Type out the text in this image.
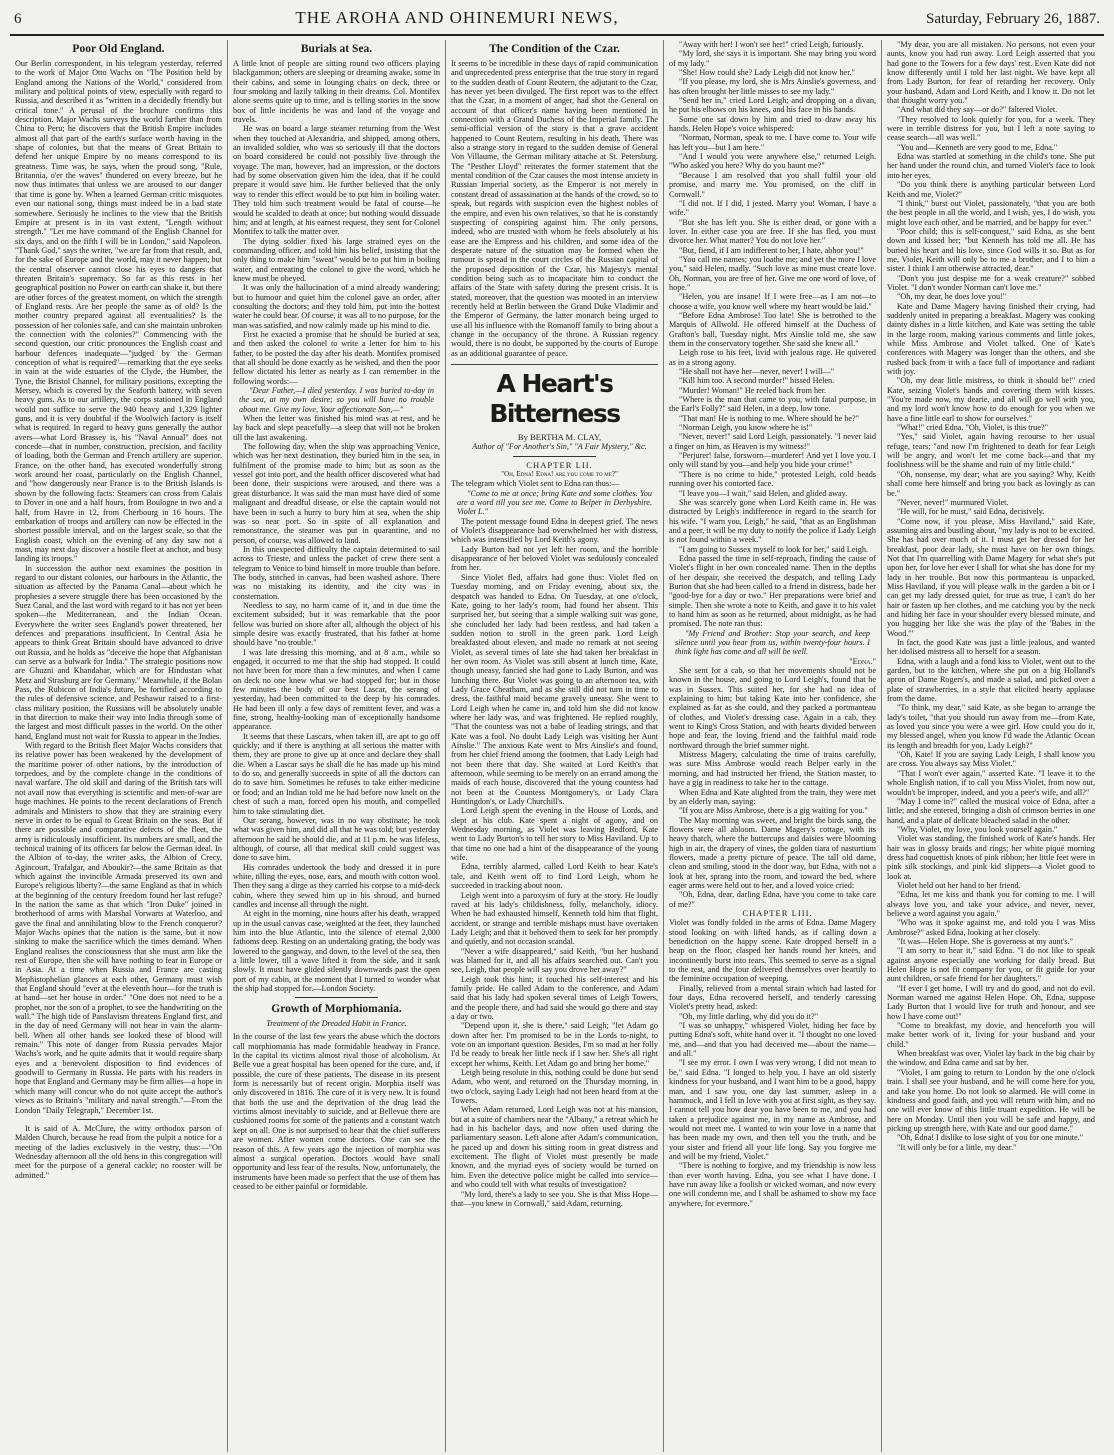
6	THE AROHA AND OHINEMURI NEWS,	Saturday, February 26, 1887.
Poor Old England.

Our Berlin correspondent, in his telegram yesterday, referred to the work of Major Otto Wachs on "The Position held by England among the Nations of the World," considered from military and political points of view, especially with regard to Russia, and described it as "written in a decidedly friendly but critical tone." A perusal of the brochure confirms this description. Major Wachs surveys the world farther than from China to Peru; he discovers that the British Empire includes almost all that part of the earth's surface worth having in the shape of colonies, but that the means of Great Britain to defend her unique Empire by no means correspond to its greatness. Time was, he says, when the proud song, "Rule, Britannia, o'er the waves" thundered on every breeze, but he now thus intimates that unless we are aroused to our danger that time is gone by. When a learned German critic misquotes even our national song, things must indeed be in a bad state somewhere. Seriously he inclines to the view that the British Empire at present is in its vast extent, "Length without strength." "Let me have command of the English Channel for six days, and on the fifth I will be in London," said Napoleon. "Thank God," says the writer, "we are far from that result, and, for the sake of Europe and the world, may it never happen; but the central observer cannot close his eyes to dangers that threaten Britain's supremacy. So far as this rests in her geographical position no Power on earth can shake it, but there are other forces of the greatest moment, on which the strength of England rests. Are her people the same as of old? Is the mother country prepared against all eventualities? Is the possession of her colonies safe, and can she maintain unbroken the connection with the colonies?" Commencing with the second question, our critic pronounces the English coast and harbour defences inadequate—"judged by the German conception of what is required"—remarking that the eye seeks in vain at the wide estuaries of the Clyde, the Humber, the Tyne, the Bristol Channel, for military positions, excepting the Mersey, which is covered by the Seaforth battery, with seven heavy guns. As to our artillery, the corps stationed in England would not suffice to serve the 940 heavy and 1,329 lighter guns, and it is very doubtful if the Woolwich factory is itself what is required. In regard to heavy guns generally the author avers—what Lord Brassey is, his "Naval Annual" does not concede—that in number, construction, precision, and facility of loading, both the German and French artillery are superior. France, on the other hand, has executed wonderfully strong work around her coast, particularly on the English Channel, and "how dangerously near France is to the British Islands is shown by the following facts: Steamers can cross from Calais to Dover in one and a half hours, from Boulogne in two and a half, from Havre in 12, from Cherbourg in 16 hours. The embarkation of troops and artillery can now be effected in the shortest possible interval, and on the largest scale, so that the English coast, which on the evening of any day saw not a mast, may next day discover a hostile fleet at anchor, and busy landing its troops."

In succession the author next examines the position in regard to our distant colonies, our harbours in the Atlantic, the situation as affected by the Panama Canal—about which he prophesies a severe struggle there has been occasioned by the Suez Canal, and the last word with regard to it has not yet been spoken—the Mediterranean, and the Indian Ocean. Everywhere the writer sees England's power threatened, her defences and preparations insufficient. In Central Asia he appears to think Great Britain should have advanced to drive out Russia, and he holds as "deceive the hope that Afghanistan can serve as a bulwark for India." The strategic positions now are Ghuzni and Khandahar, which are for Hindustan what Metz and Strasburg are for Germany." Meanwhile, if the Bolan Pass, the Rubicon of India's future, be fortified according to the rules of defensive science, and Peshawur raised to a first-class military position, the Russians will be absolutely unable in that direction to make their way into India through some of the largest and most difficult passes in the world. On the other hand, England must not wait for Russia to appear in the Indies.

With regard to the British fleet Major Wachs considers that its relative power has been weakened by the development of the maritime power of other nations, by the introduction of torpedoes, and by the complete change in the conditions of naval warfare. The old skill and daring of the British tars will not avail now that everything is scientific and men-of-war are huge machines. He points to the recent declarations of French admirals and Ministers to show that they are straining every nerve in order to be equal to Great Britain on the seas. But if there are possible and comparative defects of the fleet, the army is ridiculously insufficient. Its numbers are small, and the technical training of its officers far below the German ideal. In the Albion of to-day, the writer asks, the Albion of Crecy, Agincourt, Trafalgar, and Aboukir?—the same Britain as that which against the invincible Armada preserved its own and Europe's religious liberty?—the same England as that in which at the beginning of the century freedom found her last refuge? In the nation the same as that which "Iron Duke" joined in brotherhood of arms with Marshal Vorwarts at Waterloo, and gave the final and annihilating blow to the French conqueror? Major Wachs opines that the nation is the same, but it now sinking to make the sacrifice which the times demand. When England realises the consciousness that she must arm like the rest of Europe, then she will have nothing to fear in Europe or in Asia. At a time when Russia and France are casting Mephistophelian glances at each other, Germany must wish that England should "ever at the eleventh hour—for the truth is at hand—set her house in order." "One does not need to be a prophet, nor the son of a prophet, to see the handwriting on the wall." The high tide of Panslavism threatens England first, and in the day of need Germany will not hear in vain the alarm-bell. When all other hands see looked these of blood will remain." This note of danger from Russia pervades Major Wachs's work, and he quite admits that it would require sharp eyes and a benevolent disposition to find evidences of goodwill to Germany in Russia. He parts with his readers in hope that England and Germany may be firm allies—a hope in which many will concur who do not quite accept the author's views as to Britain's "military and naval strength."—From the London "Daily Telegraph," December 1st.

It is said of A. McClure, the witty orthodox parson of Malden Church, because he read from the pulpit a notice for a meeting of the ladies exclusively in the vestry, thus:—"On Wednesday afternoon all the old hens in this congregation will meet for the purpose of a general cackle; no rooster will be admitted."

Burials at Sea.

A little knot of people are sitting round two officers playing blackgammon; others are sleeping or dreaming awake, some in their cabins, and some in lounging chairs on deck, three or four smoking and lazily talking in their dreams. Col. Montifex alone seems quite up to time, and is telling stories in the snow box of little incidents he was and land of the voyage and travels.

He was on board a large steamer returning from the West when they touched at Alexandria, and shipped, among others, an invalided soldier, who was so seriously ill that the doctors on board considered he could not possibly live through the voyage. The man, however, had an impression, or the doctors had by some observation given him the idea, that if he could prepare it would save him. He further believed that the only way to render this effect would be to put him in boiling water. They told him such treatment would be fatal of course—he would be scalded to death at once; but nothing would dissuade him; and at length, at his earnest request, they sent for Colonel Montifex to talk the matter over.

The dying soldier fixed his large strained eyes on the commanding officer, and told him his belief, insisting that the only thing to make him "sweat" would be to put him in boiling water, and entreating the colonel to give the word, which he knew must be obeyed.

It was only the hallucination of a mind already wandering; but to humour and quiet him the colonel gave an order, after consulting the doctors; and they told him, put into the hottest water he could bear. Of course, it was all to no purpose, for the man was satisfied, and now calmly made up his mind to die.

First he exacted a promise that he should be buried at sea, and then asked the colonel to write a letter for him to his father, to be posted the day after his death. Montifex promised that all should be done exactly as he wished, and then the poor fellow dictated his letter as nearly as I can remember in the following words:—

"Dear Father,—I died yesterday. I was buried to-day in the sea, at my own desire; so you will have no trouble about me. Give my love, Your affectionate Son,—"

When the letter was finished his mind was at rest, and he lay back and slept peacefully—a sleep that will not be broken till the last awakening.

The following day, when the ship was approaching Venice, which was her next destination, they buried him in the sea, in fulfilment of the promise made to him; but as soon as the vessel got into port, and the health officer discovered what had been done, their suspicions were aroused, and there was a great disturbance. It was said the man must have died of some malignant and dreadful disease, or else the captain would not have been in such a hurry to bury him at sea, when the ship was so near port. So in spite of all explanation and remonstrance, the steamer was put in quarantine, and no person, of course, was allowed to land.

In this unexpected difficulty the captain determined to sail across to Trieste, and unless the packet of crew there sent a telegram to Venice to bind himself in more trouble than before. The body, stitched in canvas, had been washed ashore. There was no mistaking its identity, and the city was in consternation.

Needless to say, no harm came of it, and in due time the excitement subsided; but it was remarkable that the poor fellow was buried on shore after all, although the object of his simple desire was exactly frustrated, that his father at home should have "no trouble."

I was late dressing this morning, and at 8 a.m., while so engaged, it occurred to me that the ship had stopped. It could not have been for more than a few minutes, and when I came on deck no one knew what we had stopped for; but in those few minutes the body of our best Lascar, the serang of yesterday, had been committed to the deep by his comrades. He had been ill only a few days of remittent fever, and was a fine, strong, healthy-looking man of exceptionally handsome appearance.

It seems that these Lascars, when taken ill, are apt to go off quickly; and if there is anything at all serious the matter with them, they are prone to give up at once and declare they shall die. When a Lascar says he shall die he has made up his mind to do so, and generally succeeds in spite of all the doctors can do to save him. Sometimes he refuses to take either medicine or food; and an Indian told me he had before now knelt on the chest of such a man, forced open his mouth, and compelled him to take stimulating diet.

Our serang, however, was in no way obstinate; he took what was given him, and did all that he was told; but yesterday afternoon he said he should die, and at 11 p.m. he was lifeless, although, of course, all that medical skill could suggest was done to save him.

His comrades undertook the body and dressed it in pure white, tilling the eyes, nose, ears, and mouth with cotton wool. Then they sang a dirge as they carried his corpse to a mid-deck cabin, where they sewed him up in his shroud, and burned candles and incense all through the night.

At eight in the morning, nine hours after his death, wrapped up in the usual canvas case, weighted at the feet, they launched him into the blue Atlantic, into the silence of eternal 2,000 fathoms deep. Resting on an undertaking grating, the body was lowered to the gangway, and down, to the level of the sea, then a little lower, till a wave lifted it from the side, and it sank slowly. It must have glided silently downwards past the open port of my cabin, at the moment that I turned to wonder what the ship had stopped for.—London Society.

Growth of Morphiomania.
Treatment of the Dreaded Habit in France.

In the course of the last few years the abuse which the doctors call morphiomania has made formidable headway in France. In the capital its victims almost rival those of alcoholism. At Belle vue a great hospital has been opened for the cure, and, if possible, the cure of these patients. The disease in its present form is necessarily but of recent origin. Morphia itself was only discovered in 1816. The cure of it is very new. It is found that both the use and the deprivation of the drug lead the victims almost inevitably to suicide, and at Bellevue there are cushioned rooms for some of the patients and a constant watch kept on all. One is not surprised to hear that the chief sufferers are women. After women come doctors. One can see the reason of this. A few years ago the injection of morphia was almost a surgical operation. Doctors would have small opportunity and less fear of the results. Now, unfortunately, the instruments have been made so perfect that the use of them has ceased to be either painful or formidable.

The Condition of the Czar.

It seems to be incredible in these days of rapid communication and unprecedented press enterprise that the true story in regard to the sudden death of Count Reutern, the adjutant to the Czar, has never yet been divulged. The first report was to the effect that the Czar, in a moment of anger, had shot the General on account of that officer's name having been mentioned in connection with a Grand Duchess of the Imperial family. The semi-official version of the story is that a grave accident happened to Count Reutern, resulting in his death. There was also a strange story in regard to the sudden demise of General Von Villaume, the German military attache at St. Petersburg. The "Pesther Lloyd" reiterates the former statement that the mental condition of the Czar causes the most intense anxiety in Russian Imperial society, as the Emperor is not merely in constant dread of assassination at the hands of the crowd, so to speak, but regards with suspicion even the highest nobles of the empire, and even his own relatives, so that he is constantly suspecting of conspiring against him. The only persons, indeed, who are trusted with whom he feels absolutely at his ease are the Empress and his children, and some idea of the desperate nature of the situation may be formed when the rumour is spread in the court circles of the Russian capital of the proposed deposition of the Czar, his Majesty's mental condition being such as to incapacitate him to conduct the affairs of the State with safety during the present crisis. It is stated, moreover, that the question was mooted in an interview recently held at Berlin between the Grand Duke Vladimir and the Emperor of Germany, the latter monarch being urged to use all his influence with the Romanoff family to bring about a change in the occupancy of the throne. A Russian regency would, there is no doubt, be supported by the courts of Europe as an additional guarantee of peace.

A Heart's Bitterness

By BERTHA M. CLAY,

Author of "For Another's Sin," "A Fair Mystery," &c.

CHAPTER LII.

"Oh, Edna! Edna! are you come to me?"

The telegram which Violet sent to Edna ran thus:—

"Come to me at once; bring Kate and some clothes. You are a word till you see me. Come to Belper in Derbyshire. Violet L."

The potent message found Edna in deepest grief. The news of Violet's disappearance had overwhelmed her with distress, which was intensified by Lord Keith's agony.

Lady Burton had not yet left her room, and the horrible disappearance of her beloved Violet was sedulously concealed from her.

Since Violet fled, affairs had gone thus: Violet fled on Tuesday morning, and on Friday evening, about six, the despatch was handed to Edna. On Tuesday, at one o'clock, Kate, going to her lady's room, had found her absent. This surprised her, but seeing that a simple walking suit was gone, she concluded her lady had been restless, and had taken a sudden notion to stroll in the green park. Lord Leigh breakfasted about eleven, and made no remark at not seeing Violet, as several times of late she had taken her breakfast in her own room. As Violet was still absent at lunch time, Kate, though uneasy, fancied she had gone to Lady Burton, and was lunching there. But Violet was going to an afternoon tea, with Lady Grace Cheatham, and as she still did not turn in time to dress, the faithful maid became gravely uneasy. She went to Lord Leigh when he came in, and told him she did not know where her lady was, and was frightened. He replied roughly, "That the countess was not a babe of leading strings, and that Kate was a fool. No doubt Lady Leigh was visiting her Aunt Ainslie." The anxious Kate went to Mrs Ainslie's and found, from her chief friend among the footmen, that Lady Leigh had not been there that day. She waited at Lord Keith's that afternoon, while seeming to be merely on an errand among the maids of each house, discovered that the young countess had not been at the Countess Montgomery's, or Lady Clara Huntingdon's, or Lady Churchill's.

Lord Leigh spent the evening in the House of Lords, and slept at his club. Kate spent a night of agony, and on Wednesday morning, as Violet was leaving Bedford, Kate went to Lady Burton's to tell her story to Miss Haviland. Up to that time no one had a hint of the disappearance of the young wife.

Edna, terribly alarmed, called Lord Keith to hear Kate's tale, and Keith went off to find Lord Leigh, whom he succeeded in tracking about noon.

Leigh went into a paroxysm of fury at the story. He loudly raved at his lady's childishness, folly, melancholy, idiocy. When he had exhausted himself, Kenneth told him that flight, accident, or strange and terrible mishaps must have overtaken Lady Leigh; and that it behoved them to seek for her promptly and quietly, and not occasion scandal.

"Never a wife disappeared," said Keith, "but her husband was blamed for it, and all his affairs searched out. Can't you see, Leigh, that people will say you drove her away?"

Leigh took this hint; it touched his self-interest and his family pride. He called Adam to the conference, and Adam said that his lady had spoken several times of Leigh Towers, and the people there, and had said she would go there and stay a day or two.

"Depend upon it, she is there," said Leigh; "let Adam go down after her. I'm promised to be in the Lords to-night, to vote on an important question. Besides, I'm so mad at her folly I'd be ready to break her little neck if I saw her. She's all right except her whims, Keith. Let Adam go and bring her home."

Leigh being resolute in this, nothing could be done but send Adam, who went, and returned on the Thursday morning, in two o'clock, saying Lady Leigh had not been heard from at the Towers.

When Adam returned, Lord Leigh was not at his mansion, but at a suite of chambers near the "Albany," a retreat which he had in his bachelor days, and now often used during the parliamentary season. Left alone after Adam's communication, he paced up and down his sitting room in great distress and excitement. The flight of Violet must presently be made known, and the myriad eyes of society would be turned on him. Even the detective police might be called into service—and who could tell with what results of investigation?

"My lord, there's a lady to see you. She is that Miss Hope—that—you knew in Cornwall," said Adam, returning.

"Away with her! I won't see her!" cried Leigh, furiously.

"My lord, she says it is important. She may bring you word of my lady."

"She! How could she? Lady Leigh did not know her."

"If you please, my lord, she is Mrs Ainslie's governess, and has often brought her little misses to see my lady."

"Send her in," cried Lord Leigh; and dropping on a divan, he put his elbows on his knees, and his face in his hands.

Some one sat down by him and tried to draw away his hands. Helen Hope's voice whispered:

"Norman, Norman, speak to me. I have come to. Your wife has left you—but I am here."

"And I would you were anywhere else," returned Leigh. "Who asked you here? Why do you haunt me?"

"Because I am resolved that you shall fulfil your old promise, and marry me. You promised, on the cliff in Cornwall."

"I did not. If I did, I jested. Marry you! Woman, I have a wife."

"But she has left you. She is either dead, or gone with a lover. In either case you are free. If she has fled, you must divorce her. What matter? You do not love her."

"But, fiend, if I am indifferent to her, I hate, abhor you!"

"You call me names; you loathe me; and yet the more I love you," said Helen, madly. "Such love as mine must create love. Oh, Norman, you are free of her. Give me one word of love, of hope."

"Helen, you are insane! If I were free—as I am not—to choose a wife, you know well where my heart would be laid."

"Before Edna Ambrose! Too late! She is betrothed to the Marquis of Allwold. He offered himself at the Duchess of Grafton's ball, Tuesday night. Mrs Ainslie told me, she saw them in the conservatory together. She said she knew all."

Leigh rose to his feet, livid with jealous rage. He quivered as in a strong agony.

"He shall not have her—never, never! I will—"

"Kill him too. A second murder!" hissed Helen.

"Murder! Woman!" He reeled back from her.

"Where is the man that came to you, with fatal purpose, in the Earl's Folly?" said Helen, in a deep, low tone.

"That man! He is nothing to me. Where should he be?"

"Norman Leigh, you know where he is!"

"Never, never!" said Lord Leigh, passionately. "I never laid a finger on him, as Heaven is my witness!"

"Perjurer! false, forsworn—murderer! And yet I love you. I only will stand by you—and help you hide your crime!"

"There is no crime to hide," protested Leigh, cold beads running over his contorted face.

"I leave you—I wait," said Helen, and glided away.

She was scarcely gone when Lord Keith came in. He was distracted by Leigh's indifference in regard to the search for his wife. "I warn you, Leigh," he said, "that as an Englishman and a peer, it will be my duty to notify the police if Lady Leigh is not found within a week."

"I am going to Sussex myself to look for her," said Leigh.

Edna passed the time in self-reproach, finding the cause of Violet's flight in her own concealed name. Then in the depths of her despair, she received the despatch, and telling Lady Burton that she had been called to a friend in distress, bade her "good-bye for a day or two." Her preparations were brief and simple. Then she wrote a note to Keith, and gave it to his valet to hand him as soon as he returned, about midnight, as he had promised. The note ran thus:

"My Friend and Brother: Stop your search, and keep silence until you hear from us, within twenty-four hours. I think light has come and all will be well.

"Edna."

She sent for a cab, so that her movements should not be known in the house, and going to Lord Leigh's, found that he was in Sussex. This suited her, for she had no idea of explaining to him; but taking Kate into her confidence, she explained as far as she could, and they packed a portmanteau of clothes, and Violet's dressing case. Again in a cab, they went to King's Cross Station, and with hearts divided between hope and fear, the loving friend and the faithful maid rode northward through the brief summer night.

Mistress Magery, calculating the time of trains carefully, was sure Miss Ambrose would reach Belper early in the morning, and had instructed her friend, the Station master, to have a gig in readiness to take her to the cottage.

When Edna and Kate alighted from the train, they were met by an elderly man, saying:

"If you are Miss Ambrose, there is a gig waiting for you."

The May morning was sweet, and bright the birds sang, the flowers were all abloom. Dame Magery's cottage, with its heavy thatch, where the buttercups and daisies were blooming high in air, the drapery of vines, the golden tiara of nasturtium flowers, made a pretty picture of peace. The tall old dame, clean and smiling, stood in the door way, but Edna, with not a look at her, sprang into the room, and toward the bed, where eager arms were held out to her, and a loved voice cried:

"Oh, Edna, dear, darling Edna, have you come to take care of me?"

CHAPTER LIII.

Violet was fondly folded in the arms of Edna. Dame Magery stood looking on with lifted hands, as if calling down a benediction on the happy scene. Kate dropped herself in a heap on the floor, clasped her hands round her knees, and incontinently burst into tears. This seemed to serve as a signal to the rest, and the four delivered themselves over heartily to the feminine occupation of weeping.

Finally, relieved from a mental strain which had lasted for four days, Edna recovered herself, and tenderly caressing Violet's pretty head, asked:

"Oh, my little darling, why did you do it?"

"I was so unhappy," whispered Violet, hiding her face by putting Edna's soft, white hand over it. "I thought no one loved me, and—and that you had deceived me—about the name—and all."

"I see my error. I own I was very wrong, I did not mean to be," said Edna. "I longed to help you. I have an old sisterly kindness for your husband, and I want him to be a good, happy man, and I saw you, one day last summer, asleep in a hammock, and I fell in love with you at first sight, as they say. I cannot tell you how dear you have been to me, and you had taken a prejudice against me, in my name as Ambrose, and would not meet me. I wanted to win your love in a name that has been made my own, and then tell you the truth, and be your sister and friend all your life long. Say you forgive me and will be my friend, Violet."

"There is nothing to forgive, and my friendship is now less than ever worth having. Edna, you see what I have done. I have run away like a foolish or wicked woman, and now every one will condemn me, and I shall be ashamed to show my face anywhere, for evermore."

"My dear, you are all mistaken. No persons, not even your aunts, know you had run away. Lord Leigh asserted that you had gone to the Towers for a few days' rest. Even Kate did not know differently until I told her last night. We have kept all from Lady Burton, for fear of retarding her recovery. Only your husband, Adam and Lord Keith, and I know it. Do not let that thought worry you."

"And what did they say—or do?" faltered Violet.

"They resolved to look quietly for you, for a week. They were in terrible distress for you, but I left a note saying to cease search—all was well."

"You and—Kenneth are very good to me, Edna."

Edna was startled at something in the child's tone. She put her hand under the round chin, and turned Violet's face to look into her eyes.

"Do you think there is anything particular between Lord Keith and me, Violet?"

"I think," burst out Violet, passionately, "that you are both the best people in all the world, and I wish, yes, I do wish, you might love each other, and be married, and be happy for ever."

"Poor child; this is self-conquest," said Edna, as she bent down and kissed her; "but Kenneth has told me all. He has buried his heart and his love, since God wills it so. But as for me, Violet, Keith will only be to me a brother, and I to him a sister. I think I am otherwise attracted, dear."

"Don't you just despise me for a weak creature?" sobbed Violet. "I don't wonder Norman can't love me."

"Oh, my dear, he does love you!"

Kate and Dame Magery having finished their crying, had suddenly united in preparing a breakfast. Magery was cooking dainty dishes in a little kitchen, and Kate was setting the table in the large room, making various comments and little jokes, while Miss Ambrose and Violet talked. One of Kate's conferences with Magery was longer than the others, and she rushed back from it with a face full of importance and radiant with joy.

"Oh, my dear little mistress, to think it should be!" cried Kate, seizing Violet's hands and covering them with kisses. "You're made now, my dearie, and all will go well with you, and my lord won't know how to do enough for you when we have a fine little earl to show for ourselves."

"What!" cried Edna. "Oh, Violet, is this true?"

"Yes," said Violet, again having recourse to her usual refuge, tears; "and now I'm frightened to death for fear Leigh will be angry, and won't let me come back—and that my foolishness will be the shame and ruin of my little child."

"Oh, nonsense, my dear; what are you saying? Why, Keith shall come here himself and bring you back as lovingly as can be."

"Never, never!" murmured Violet.

"He will, for he must," said Edna, decisively.

"Come now, if you please, Miss Haviland," said Kate, assuming airs and bustling about, "my lady is not to be excited. She has had over much of it. I must get her dressed for her breakfast, poor dear lady, she must have on her own things. Not that I'm quarrelling with Dame Magery for what she's put upon her, for love her ever I shall for what she has done for my lady in her trouble. But now this portmanteau is unpacked, Miss Haviland, if you will please walk in the garden a bit or I can get my lady dressed quiet, for true as true, I can't do her hair or fasten up her clothes, and me catching you by the neck and hiding her face in your shoulder every blessed minute, and you hugging her like she was the play of the 'Babes in the Wood.'"

In fact, the good Kate was just a little jealous, and wanted her idolised mistress all to herself for a season.

Edna, with a laugh and a fond kiss to Violet, went out to the garden, but to the kitchen, where she put on a big Holland's apron of Dame Rogers's, and made a salad, and picked over a plate of strawberries, in a style that elicited hearty applause from the dame.

"To think, my dear," said Kate, as she began to arrange the lady's toilet, "that you should run away from me—from Kate, as loved you since you were a wee girl. How could you do it, my blessed angel, when you know I'd wade the Atlantic Ocean its length and breadth for you, Lady Leigh?"

"Oh, Kate! If you are saying Lady Leigh, I shall know you are cross. You always say Miss Violet."

"That I won't ever again," asserted Kate. "I leave it to the whole English nation, if to call you Miss Violet, from now out, wouldn't be improper, indeed, and you a peer's wife, and all?"

"May I come in?" called the musical voice of Edna, after a little; and she entered, bringing a dish of crimson berries in one hand, and a plate of delicate bleached salad in the other.

"Why, Violet, my love, you look yourself again."

Violet was standing, the finished work of Kate's hands. Her hair was in glossy braids and rings; her white piqué morning dress had coquettish knots of pink ribbon; her little feet were in pink silk stockings, and pink kid slippers—a Violet good to look at.

Violet held out her hand to her friend.

"Edna, let me kiss and thank you for coming to me. I will always love you, and take your advice, and never, never, believe a word against you again."

"Who was it spoke against me, and told you I was Miss Ambrose?" asked Edna, looking at her closely.

"It was—Helen Hope. She is governess at my aunt's."

"I am sorry to hear it," said Edna. "I do not like to speak against anyone especially one working for daily bread. But Helen Hope is not fit company for you, or fit guide for your aunt children, or safe friend for her daughters."

"If ever I get home, I will try and do good, and not do evil. Norman warned me against Helen Hope. Oh, Edna, suppose Lady Burton that I would live for truth and honour, and see how I have come out!"

"Come to breakfast, my dovie, and henceforth you will make better work of it, living for your husband and your child."

When breakfast was over, Violet lay back in the big chair by the window, and Edna came and sat by her.

"Violet, I am going to return to London by the one o'clock train. I shall see your husband, and he will come here for you, and take you home. Do not look so alarmed. He will come in kindness and good faith, and you will return with him, and no one will ever know of this little truant expedition. He will be here on Monday. Until then you will be safe and happy, and picking up strength here, with Kate and our good dame."

"Oh, Edna! I dislike to lose sight of you for one minute."

"It will only be for a little, my dear."
